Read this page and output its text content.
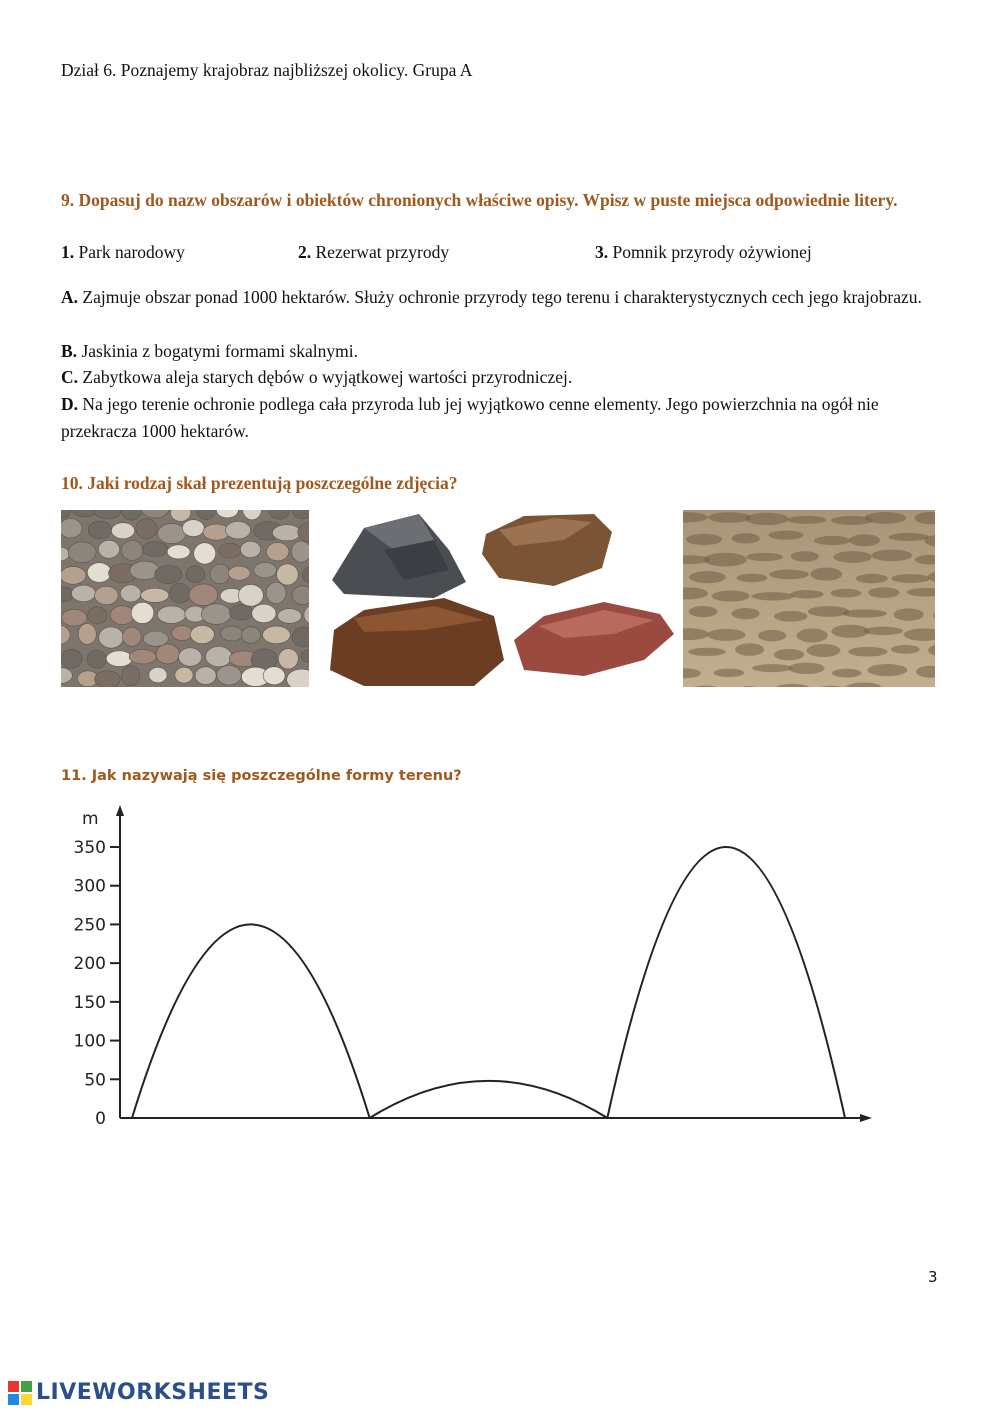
Dział 6. Poznajemy krajobraz najbliższej okolicy. Grupa A
9. Dopasuj do nazw obszarów i obiektów chronionych właściwe opisy. Wpisz w puste miejsca odpowiednie litery.
1. Park narodowy	2. Rezerwat przyrody	3. Pomnik przyrody ożywionej
A. Zajmuje obszar ponad 1000 hektarów. Służy ochronie przyrody tego terenu i charakterystycznych cech jego krajobrazu.
B. Jaskinia z bogatymi formami skalnymi.
C. Zabytkowa aleja starych dębów o wyjątkowej wartości przyrodniczej.
D. Na jego terenie ochronie podlega cała przyroda lub jej wyjątkowo cenne elementy. Jego powierzchnia na ogół nie przekracza 1000 hektarów.
10. Jaki rodzaj skał prezentują poszczególne zdjęcia?
11. Jak nazywają się poszczególne formy terenu?
m
0
50
100
150
200
250
300
350
3
LIVEWORKSHEETS
